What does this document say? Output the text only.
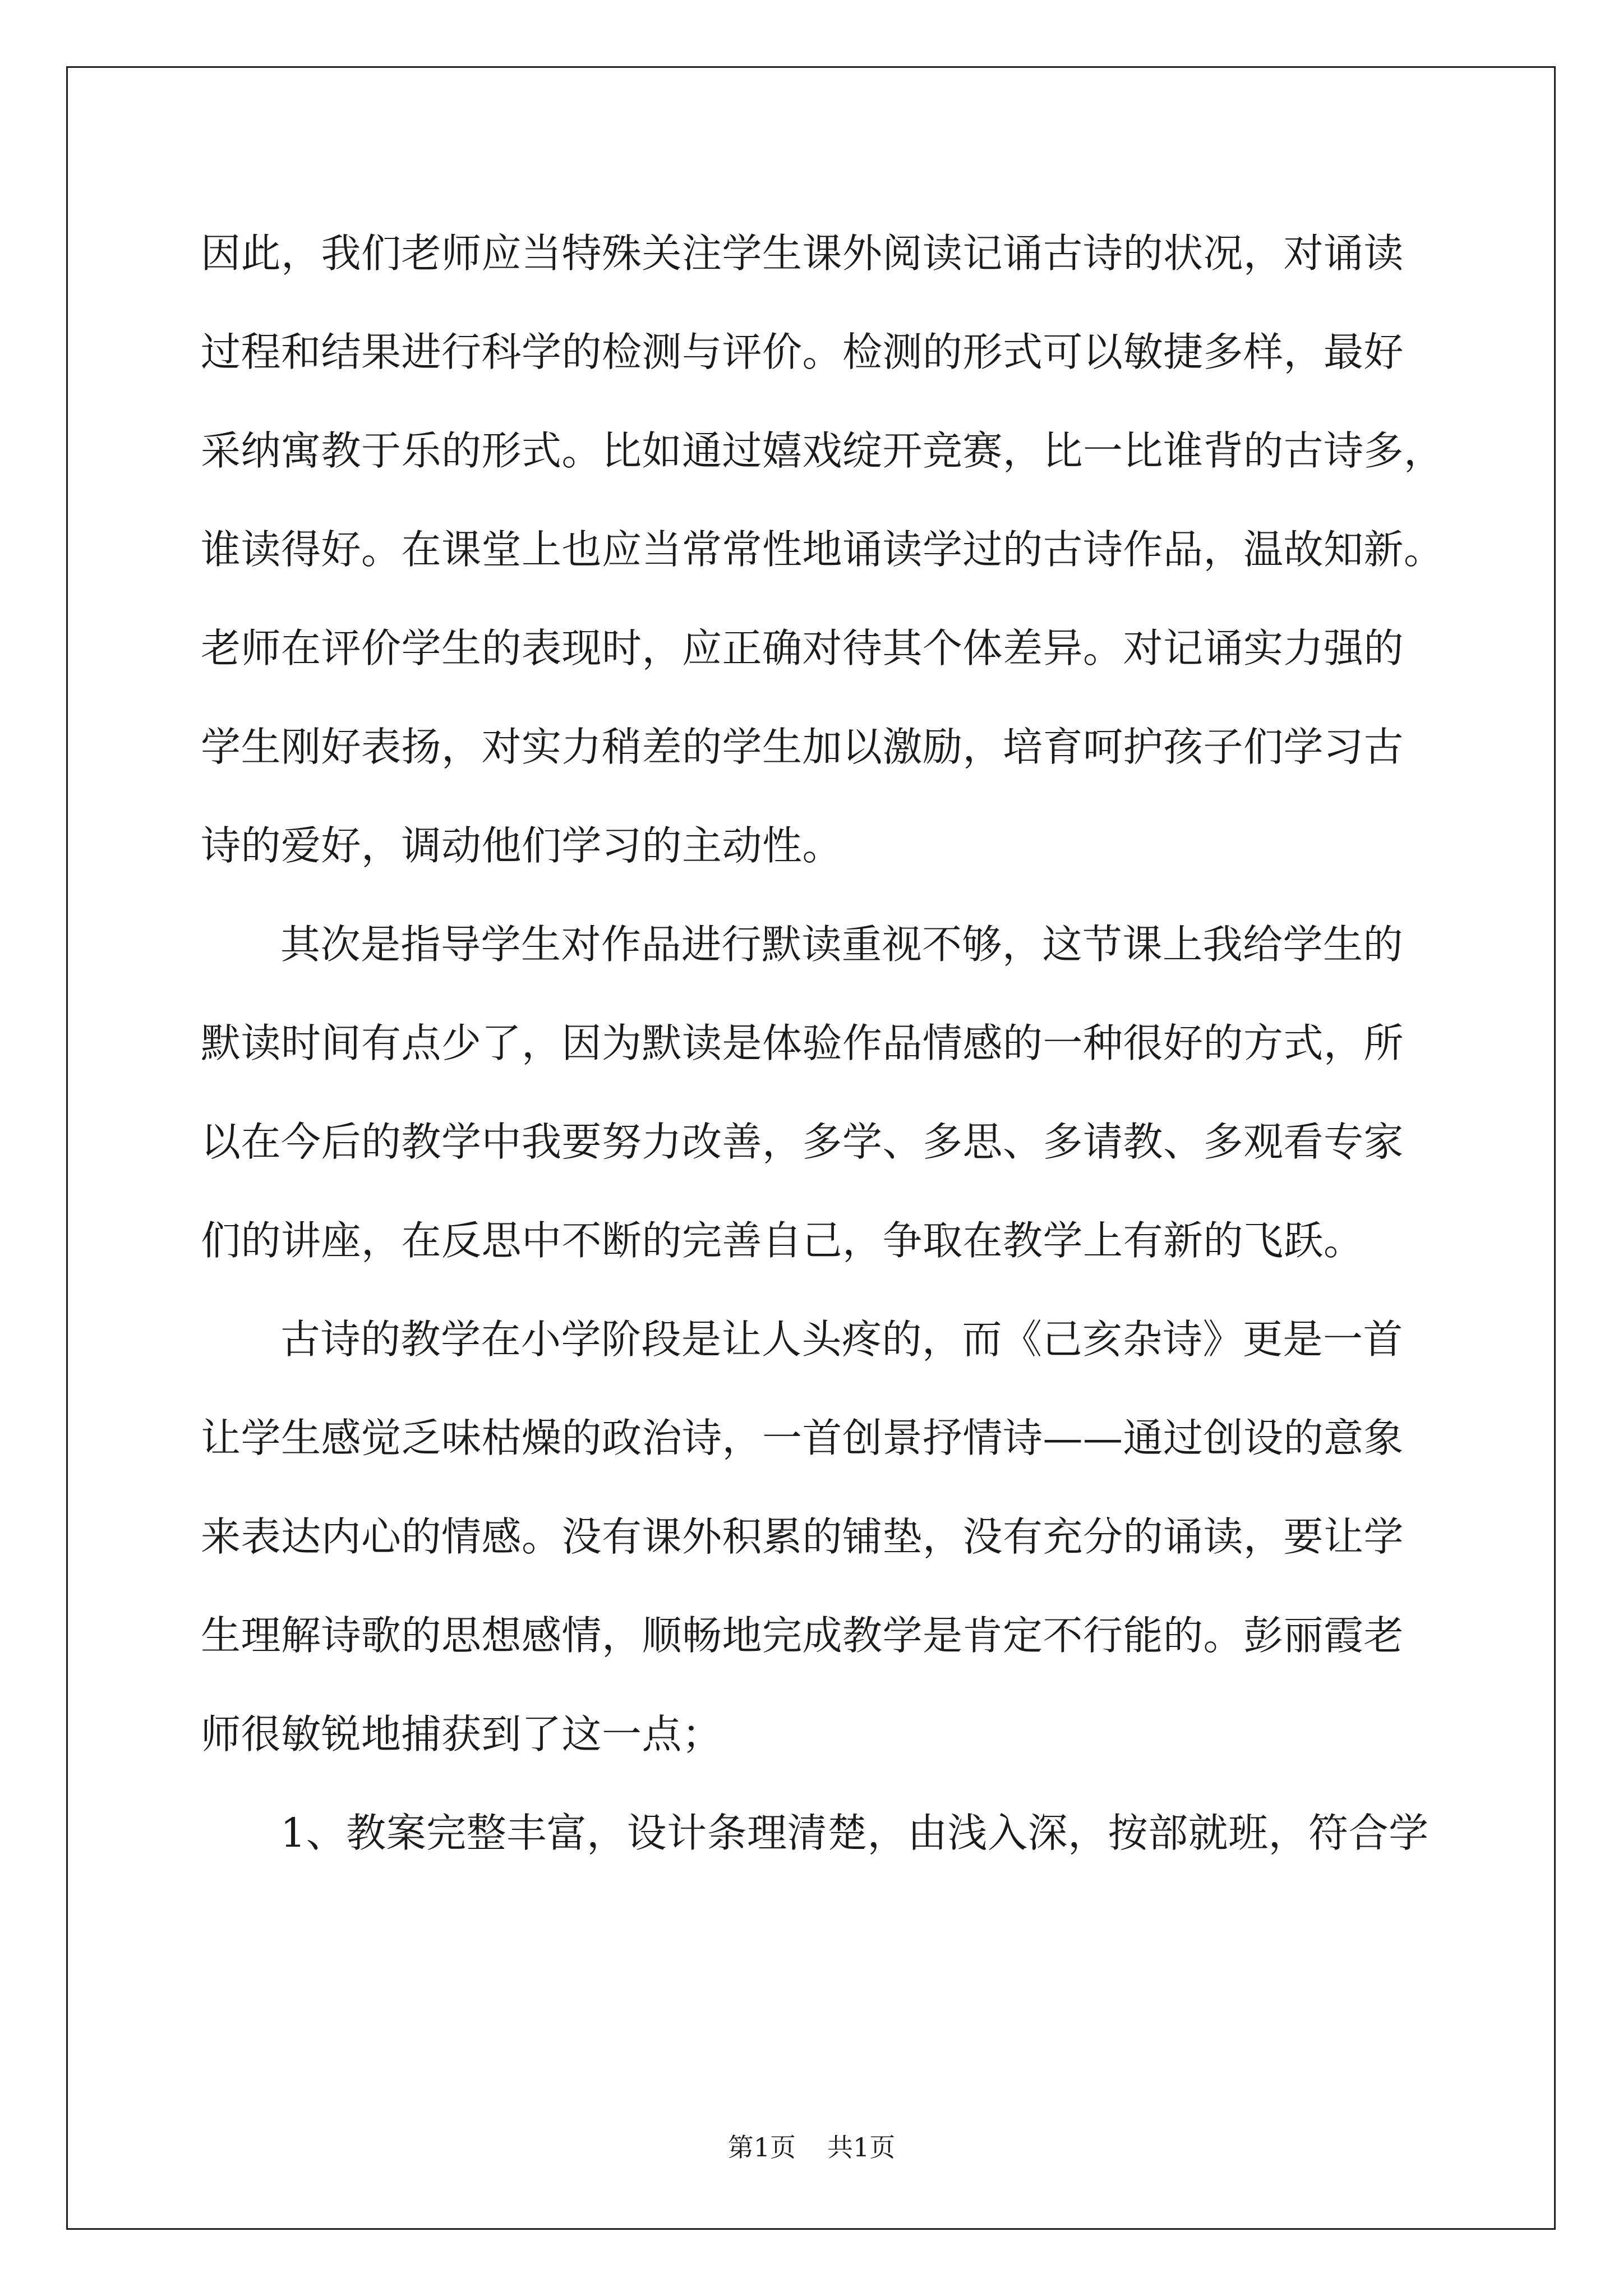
因此，我们老师应当特殊关注学生课外阅读记诵古诗的状况，对诵读
过程和结果进行科学的检测与评价。检测的形式可以敏捷多样，最好
采纳寓教于乐的形式。比如通过嬉戏绽开竞赛，比一比谁背的古诗多，
谁读得好。在课堂上也应当常常性地诵读学过的古诗作品，温故知新。
老师在评价学生的表现时，应正确对待其个体差异。对记诵实力强的
学生刚好表扬，对实力稍差的学生加以激励，培育呵护孩子们学习古
诗的爱好，调动他们学习的主动性。
其次是指导学生对作品进行默读重视不够，这节课上我给学生的
默读时间有点少了，因为默读是体验作品情感的一种很好的方式，所
以在今后的教学中我要努力改善，多学、多思、多请教、多观看专家
们的讲座，在反思中不断的完善自己，争取在教学上有新的飞跃。
古诗的教学在小学阶段是让人头疼的，而《己亥杂诗》更是一首
让学生感觉乏味枯燥的政治诗，一首创景抒情诗——通过创设的意象
来表达内心的情感。没有课外积累的铺垫，没有充分的诵读，要让学
生理解诗歌的思想感情，顺畅地完成教学是肯定不行能的。彭丽霞老
师很敏锐地捕获到了这一点；
1、教案完整丰富，设计条理清楚，由浅入深，按部就班，符合学
第1页 共1页
